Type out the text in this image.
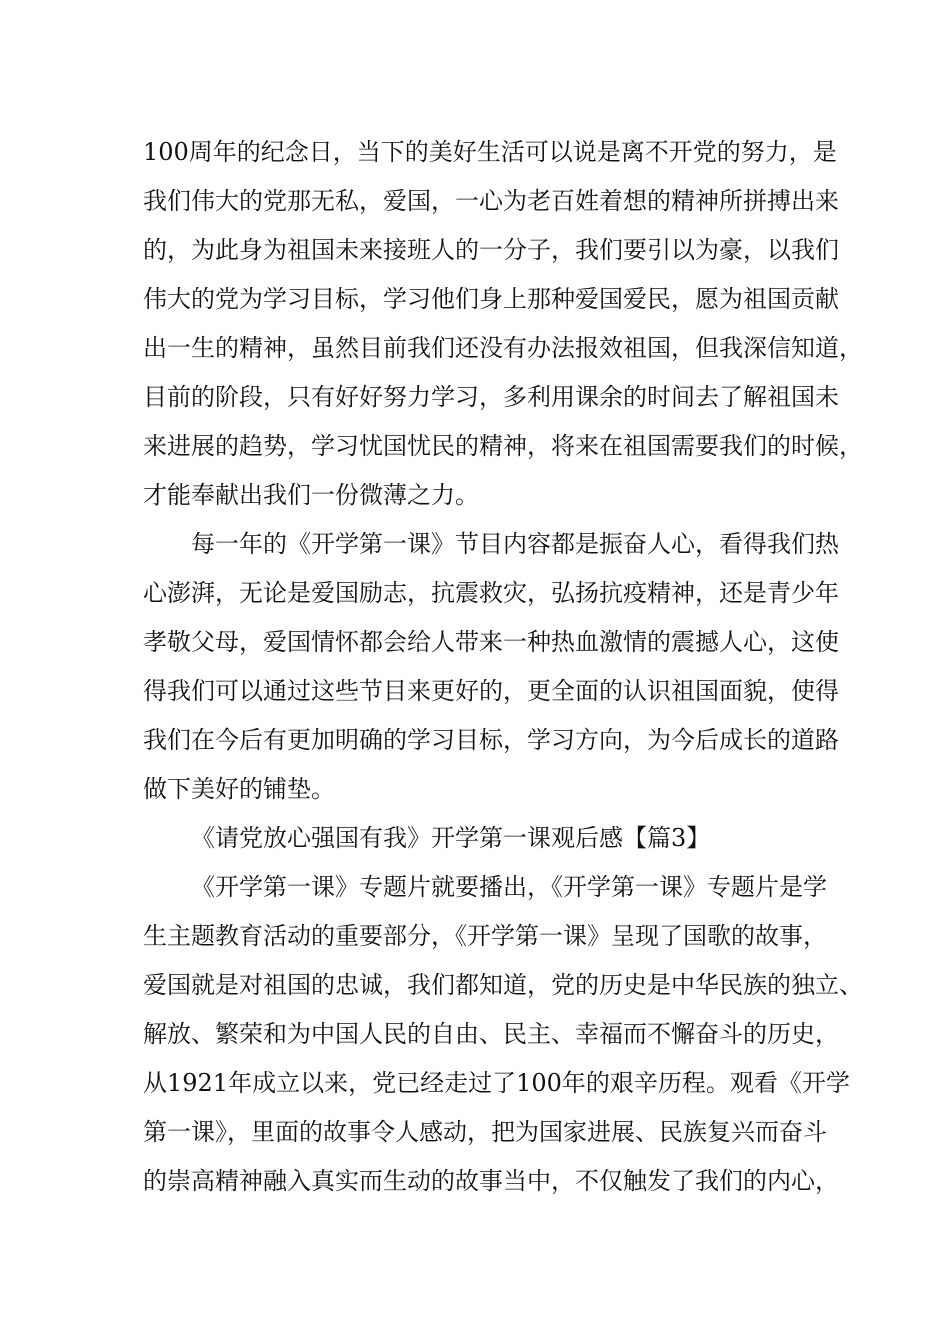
100周年的纪念日，当下的美好生活可以说是离不开党的努力，是
我们伟大的党那无私，爱国，一心为老百姓着想的精神所拼搏出来
的，为此身为祖国未来接班人的一分子，我们要引以为豪，以我们
伟大的党为学习目标，学习他们身上那种爱国爱民，愿为祖国贡献
出一生的精神，虽然目前我们还没有办法报效祖国，但我深信知道，
目前的阶段，只有好好努力学习，多利用课余的时间去了解祖国未
来进展的趋势，学习忧国忧民的精神，将来在祖国需要我们的时候，
才能奉献出我们一份微薄之力。
每一年的《开学第一课》节目内容都是振奋人心，看得我们热
心澎湃，无论是爱国励志，抗震救灾，弘扬抗疫精神，还是青少年
孝敬父母，爱国情怀都会给人带来一种热血激情的震撼人心，这使
得我们可以通过这些节目来更好的，更全面的认识祖国面貌，使得
我们在今后有更加明确的学习目标，学习方向，为今后成长的道路
做下美好的铺垫。
《请党放心强国有我》开学第一课观后感【篇3】
《开学第一课》专题片就要播出，《开学第一课》专题片是学
生主题教育活动的重要部分，《开学第一课》呈现了国歌的故事，
爱国就是对祖国的忠诚，我们都知道，党的历史是中华民族的独立、
解放、繁荣和为中国人民的自由、民主、幸福而不懈奋斗的历史，
从1921年成立以来，党已经走过了100年的艰辛历程。观看《开学
第一课》，里面的故事令人感动，把为国家进展、民族复兴而奋斗
的崇高精神融入真实而生动的故事当中，不仅触发了我们的内心，
